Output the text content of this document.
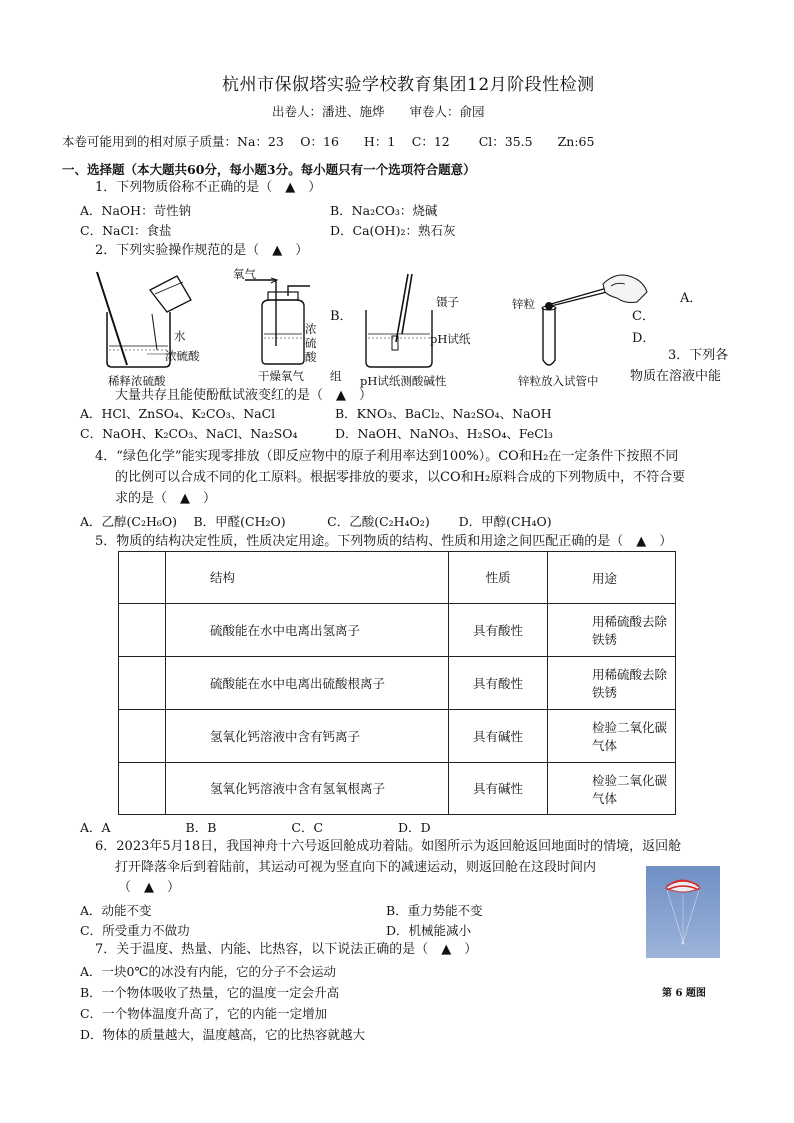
杭州市保俶塔实验学校教育集团12月阶段性检测
出卷人：潘进、施烨　　审卷人：俞园
本卷可能用到的相对原子质量：Na：23　 O：16　　H：1　 C：12　　 Cl：35.5　　Zn:65
一、选择题（本大题共60分，每小题3分。每小题只有一个选项符合题意）
1．下列物质俗称不正确的是（　▲　）
A．NaOH：苛性钠	B．Na₂CO₃：烧碱
C．NaCl：食盐	D．Ca(OH)₂：熟石灰
2．下列实验操作规范的是（　▲　）
水
浓硫酸
稀释浓硫酸
氧气
浓硫酸
干燥氧气
B．
镊子
pH试纸
组 pH试纸测酸碱性
锌粒
锌粒放入试管中
A．
C．
D．
3．下列各
物质在溶液中能
大量共存且能使酚酞试液变红的是（　▲　）
A．HCl、ZnSO₄、K₂CO₃、NaCl	B．KNO₃、BaCl₂、Na₂SO₄、NaOH
C．NaOH、K₂CO₃、NaCl、Na₂SO₄	D．NaOH、NaNO₃、H₂SO₄、FeCl₃
4．“绿色化学”能实现零排放（即反应物中的原子利用率达到100%）。CO和H₂在一定条件下按照不同
的比例可以合成不同的化工原料。根据零排放的要求，以CO和H₂原料合成的下列物质中，不符合要
求的是（　▲　）
A．乙醇(C₂H₆O)　 B．甲醛(CH₂O)　　　 C．乙酸(C₂H₄O₂)　　 D．甲醇(CH₄O)
5．物质的结构决定性质，性质决定用途。下列物质的结构、性质和用途之间匹配正确的是（　▲　）
	结构	性质	用途
	硫酸能在水中电离出氢离子	具有酸性	用稀硫酸去除铁锈
	硫酸能在水中电离出硫酸根离子	具有酸性	用稀硫酸去除铁锈
	氢氧化钙溶液中含有钙离子	具有碱性	检验二氧化碳气体
	氢氧化钙溶液中含有氢氧根离子	具有碱性	检验二氧化碳气体
A．A　　　　　　B．B　　　　　　C．C　　　　　　D．D
6．2023年5月18日，我国神舟十六号返回舱成功着陆。如图所示为返回舱返回地面时的情境，返回舱
打开降落伞后到着陆前，其运动可视为竖直向下的减速运动，则返回舱在这段时间内
（　▲　）
A．动能不变	B．重力势能不变
C．所受重力不做功	D．机械能减小
第 6 题图
7．关于温度、热量、内能、比热容，以下说法正确的是（　▲　）
A．一块0℃的冰没有内能，它的分子不会运动
B．一个物体吸收了热量，它的温度一定会升高
C．一个物体温度升高了，它的内能一定增加
D．物体的质量越大，温度越高，它的比热容就越大
